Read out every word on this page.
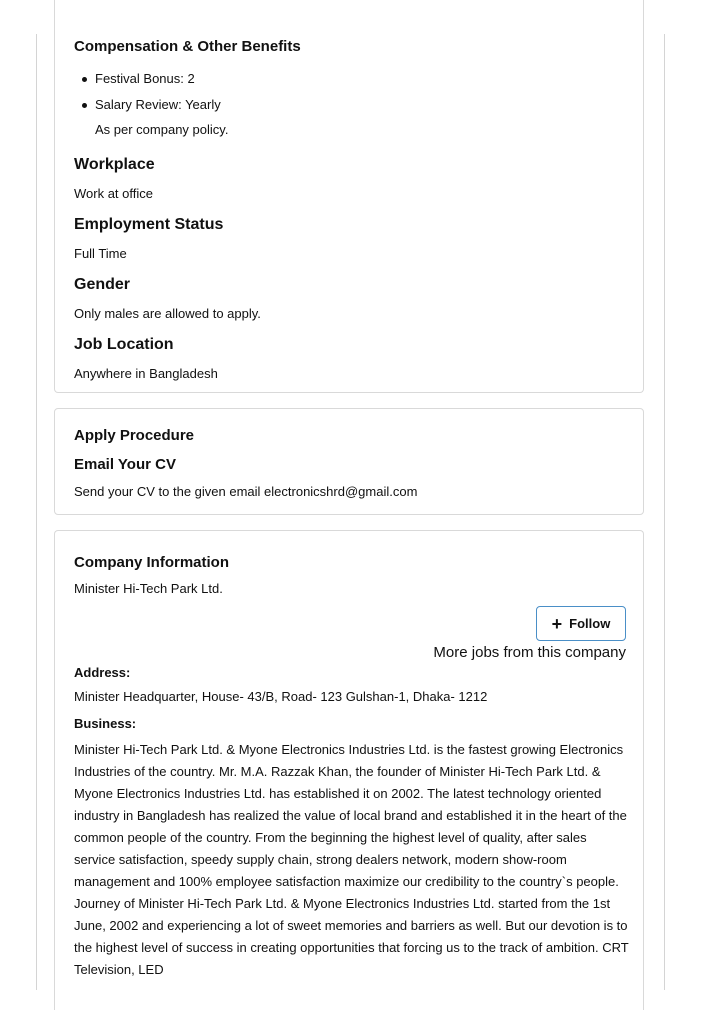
Compensation & Other Benefits
Festival Bonus: 2
Salary Review: Yearly

As per company policy.

Workplace

Work at office

Employment Status

Full Time

Gender

Only males are allowed to apply.

Job Location

Anywhere in Bangladesh

Apply Procedure
Email Your CV

Send your CV to the given email electronicshrd@gmail.com

Company Information

Minister Hi-Tech Park Ltd.

+ Follow
More jobs from this company

Address:

Minister Headquarter, House- 43/B, Road- 123 Gulshan-1, Dhaka- 1212

Business:

Minister Hi-Tech Park Ltd. & Myone Electronics Industries Ltd. is the fastest growing Electronics Industries of the country. Mr. M.A. Razzak Khan, the founder of Minister Hi-Tech Park Ltd. & Myone Electronics Industries Ltd. has established it on 2002. The latest technology oriented industry in Bangladesh has realized the value of local brand and established it in the heart of the common people of the country. From the beginning the highest level of quality, after sales service satisfaction, speedy supply chain, strong dealers network, modern show-room management and 100% employee satisfaction maximize our credibility to the country`s people. Journey of Minister Hi-Tech Park Ltd. & Myone Electronics Industries Ltd. started from the 1st June, 2002 and experiencing a lot of sweet memories and barriers as well. But our devotion is to the highest level of success in creating opportunities that forcing us to the track of ambition. CRT Television, LED
